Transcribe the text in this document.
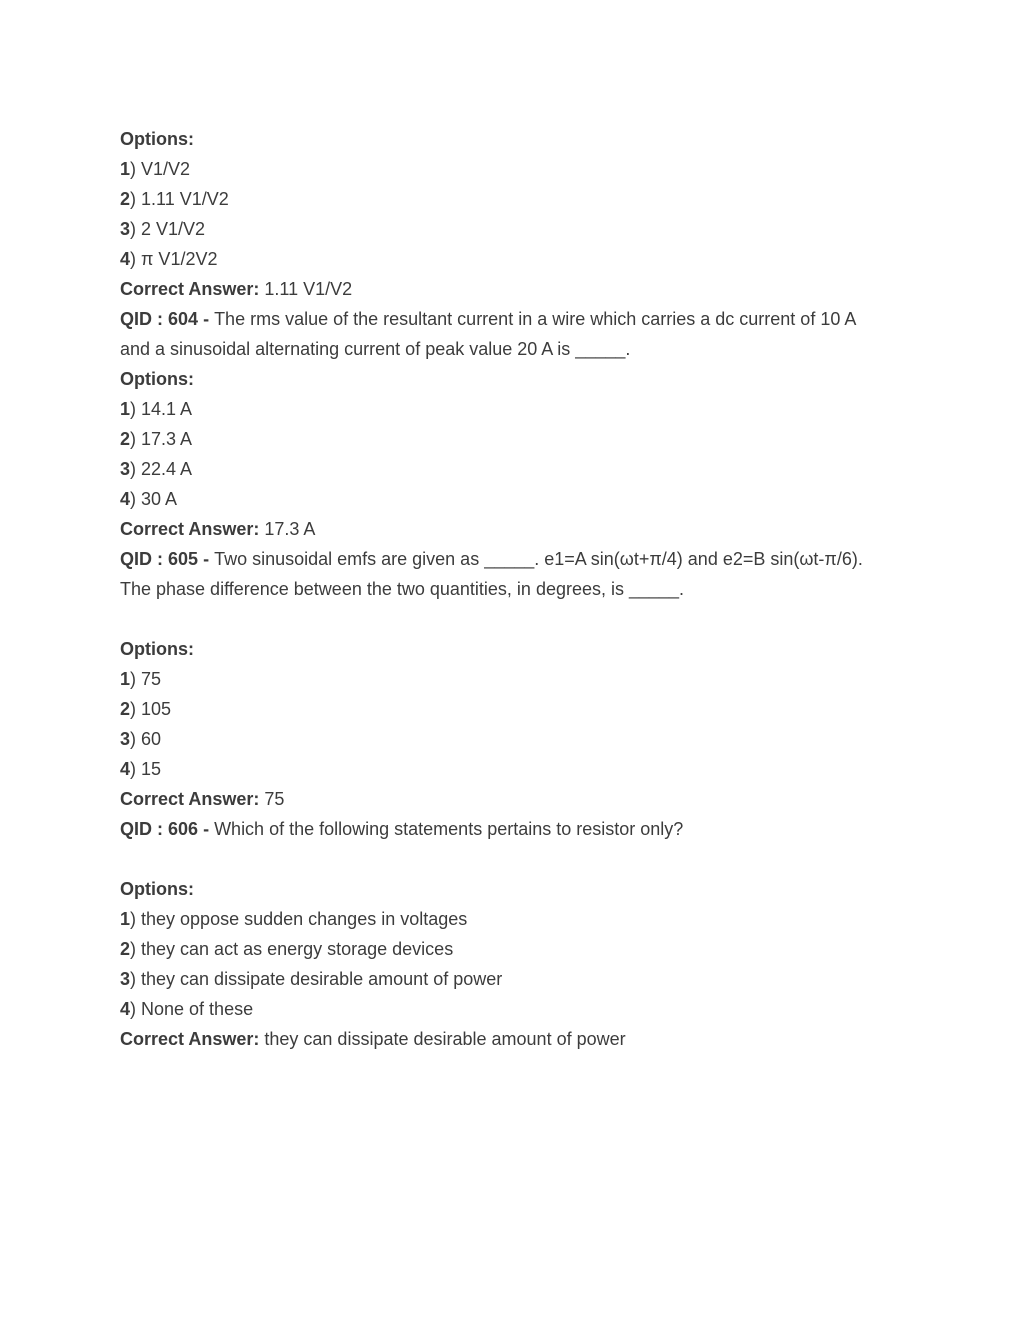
Options:
1) V1/V2
2) 1.11 V1/V2
3) 2 V1/V2
4) π V1/2V2
Correct Answer: 1.11 V1/V2
QID : 604 - The rms value of the resultant current in a wire which carries a dc current of 10 A
and a sinusoidal alternating current of peak value 20 A is _____.
Options:
1) 14.1 A
2) 17.3 A
3) 22.4 A
4) 30 A
Correct Answer: 17.3 A
QID : 605 - Two sinusoidal emfs are given as _____. e1=A sin(ωt+π/4) and e2=B sin(ωt-π/6).
The phase difference between the two quantities, in degrees, is _____.
Options:
1) 75
2) 105
3) 60
4) 15
Correct Answer: 75
QID : 606 - Which of the following statements pertains to resistor only?
Options:
1) they oppose sudden changes in voltages
2) they can act as energy storage devices
3) they can dissipate desirable amount of power
4) None of these
Correct Answer: they can dissipate desirable amount of power
